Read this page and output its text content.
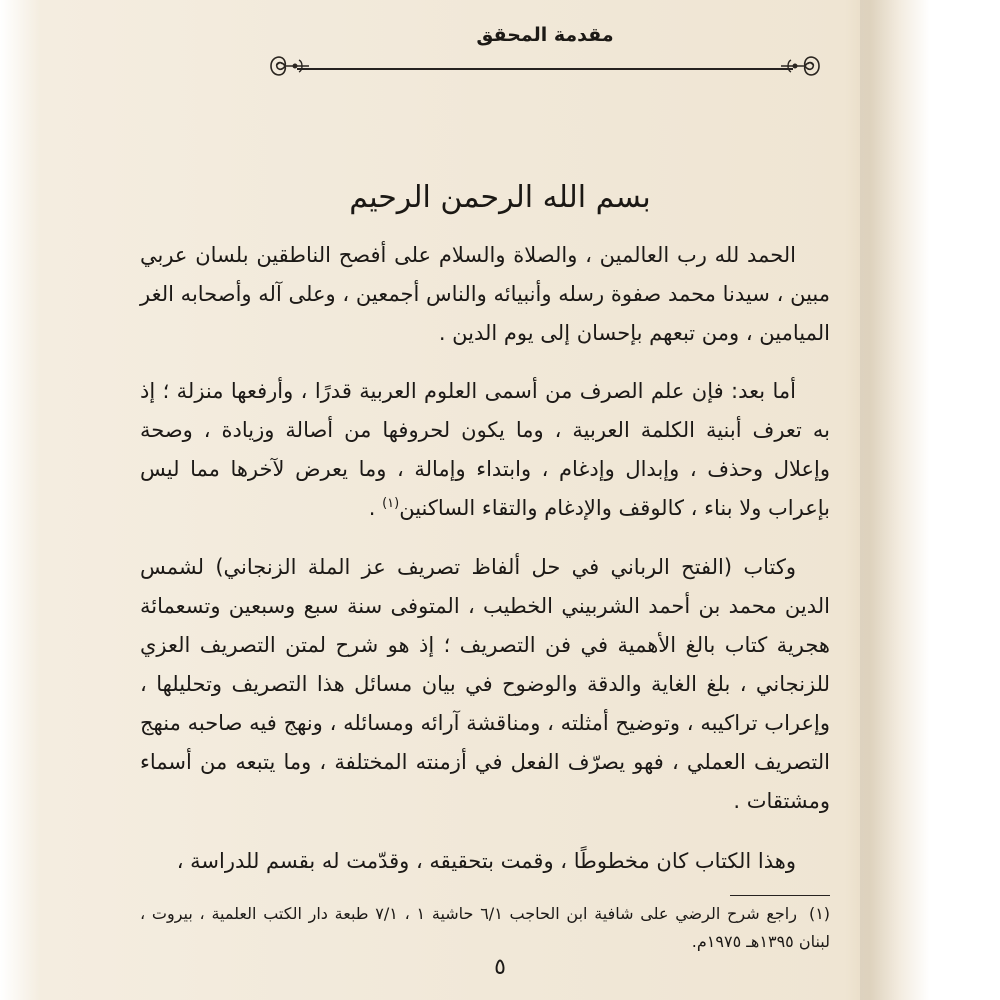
مقدمة المحقق
بسم الله الرحمن الرحيم

الحمد لله رب العالمين ، والصلاة والسلام على أفصح الناطقين بلسان عربي مبين ، سيدنا محمد صفوة رسله وأنبيائه والناس أجمعين ، وعلى آله وأصحابه الغر الميامين ، ومن تبعهم بإحسان إلى يوم الدين .

أما بعد: فإن علم الصرف من أسمى العلوم العربية قدرًا ، وأرفعها منزلة ؛ إذ به تعرف أبنية الكلمة العربية ، وما يكون لحروفها من أصالة وزيادة ، وصحة وإعلال وحذف ، وإبدال وإدغام ، وابتداء وإمالة ، وما يعرض لآخرها مما ليس بإعراب ولا بناء ، كالوقف والإدغام والتقاء الساكنين$^{(١)}$ .

وكتاب (الفتح الرباني في حل ألفاظ تصريف عز الملة الزنجاني) لشمس الدين محمد بن أحمد الشربيني الخطيب ، المتوفى سنة سبع وسبعين وتسعمائة هجرية كتاب بالغ الأهمية في فن التصريف ؛ إذ هو شرح لمتن التصريف العزي للزنجاني ، بلغ الغاية والدقة والوضوح في بيان مسائل هذا التصريف وتحليلها ، وإعراب تراكيبه ، وتوضيح أمثلته ، ومناقشة آرائه ومسائله ، ونهج فيه صاحبه منهج التصريف العملي ، فهو يصرّف الفعل في أزمنته المختلفة ، وما يتبعه من أسماء ومشتقات .

وهذا الكتاب كان مخطوطًا ، وقمت بتحقيقه ، وقدّمت له بقسم للدراسة ،

(١)راجع شرح الرضي على شافية ابن الحاجب ٦/١ حاشية ١ ، ٧/١ طبعة دار الكتب العلمية ، بيروت ، لبنان ١٣٩٥هـ ١٩٧٥م.
٥
